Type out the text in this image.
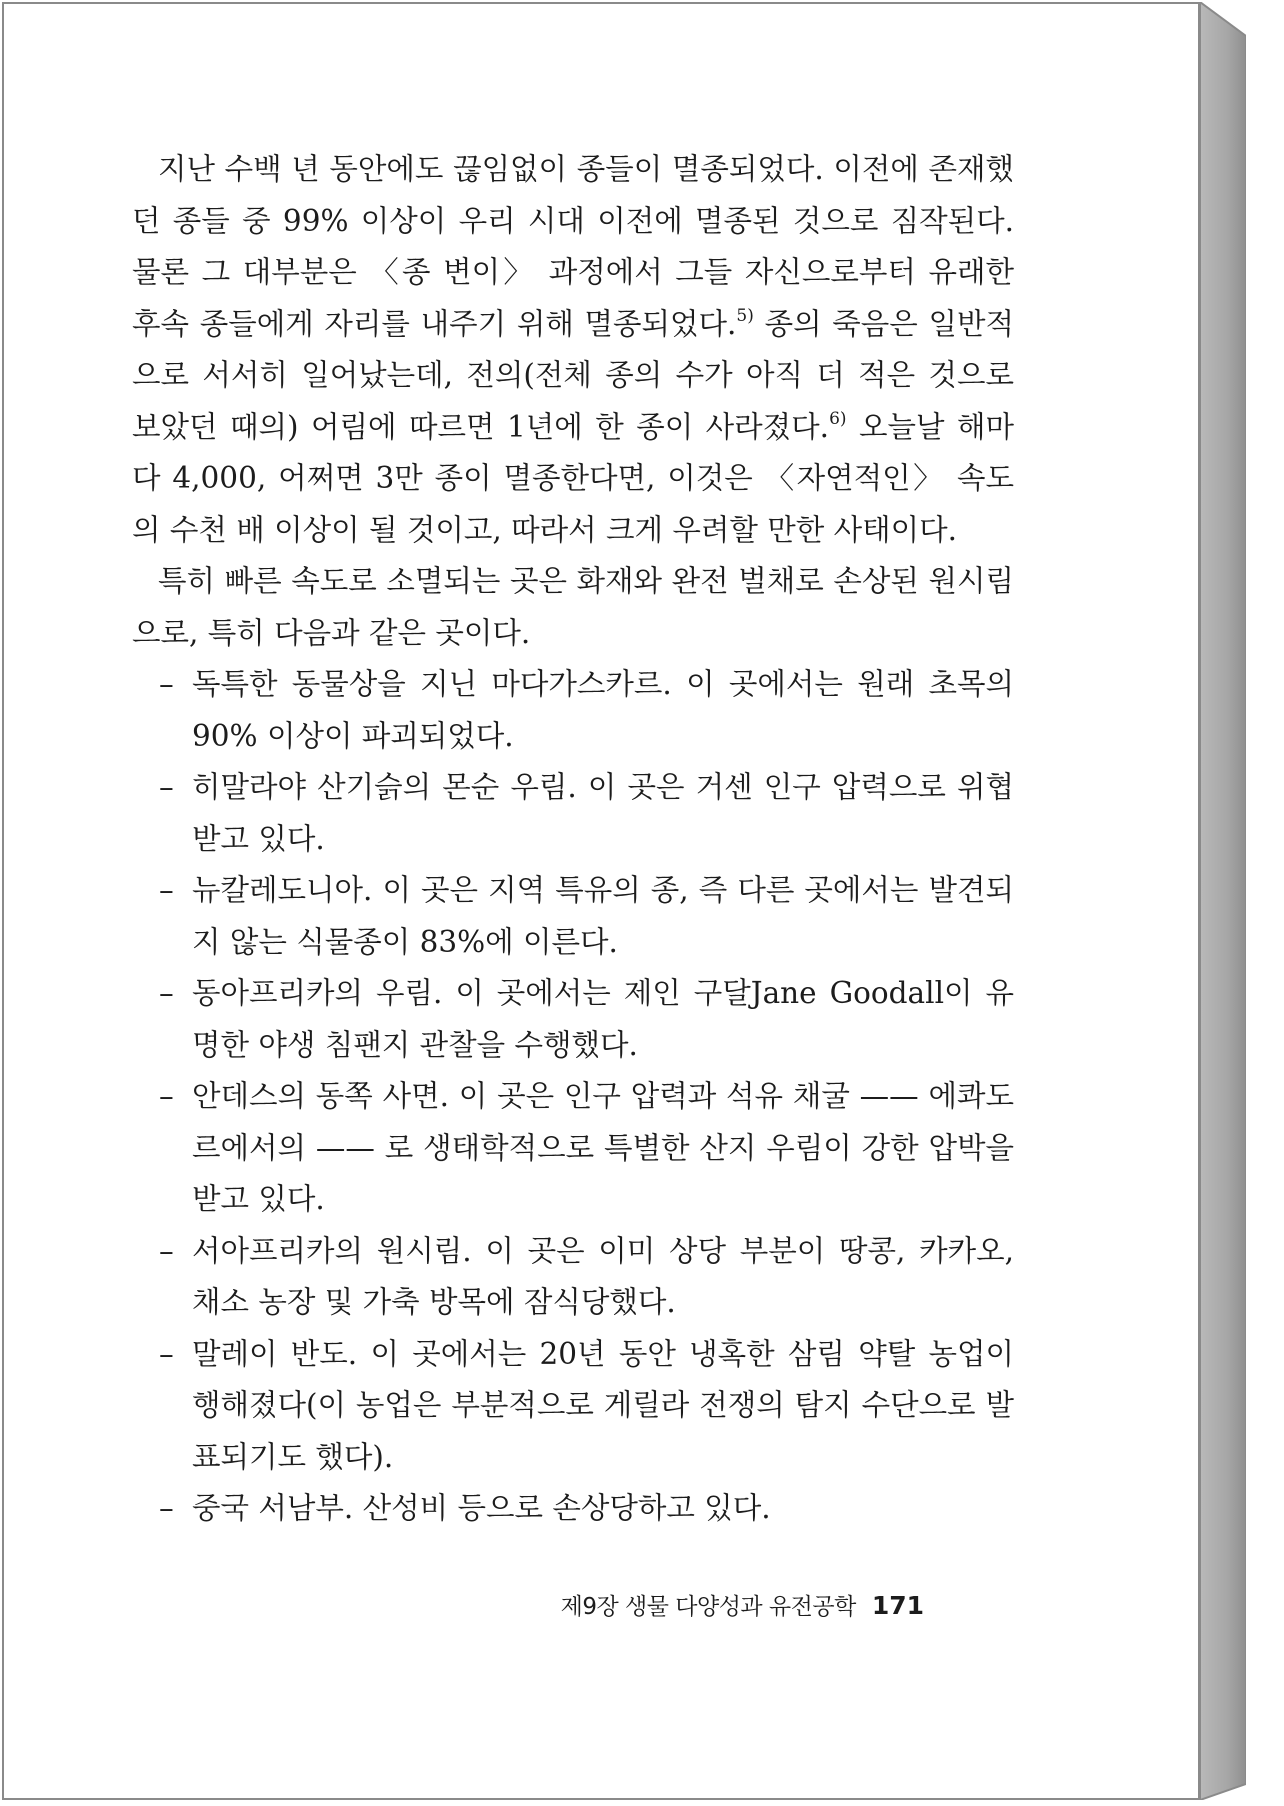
지난 수백 년 동안에도 끊임없이 종들이 멸종되었다. 이전에 존재했던 종들 중 99% 이상이 우리 시대 이전에 멸종된 것으로 짐작된다. 물론 그 대부분은 〈종 변이〉 과정에서 그들 자신으로부터 유래한 후속 종들에게 자리를 내주기 위해 멸종되었다.$^{5)}$ 종의 죽음은 일반적으로 서서히 일어났는데, 전의(전체 종의 수가 아직 더 적은 것으로 보았던 때의) 어림에 따르면 1년에 한 종이 사라졌다.$^{6)}$ 오늘날 해마다 4,000, 어쩌면 3만 종이 멸종한다면, 이것은 〈자연적인〉 속도의 수천 배 이상이 될 것이고, 따라서 크게 우려할 만한 사태이다.

특히 빠른 속도로 소멸되는 곳은 화재와 완전 벌채로 손상된 원시림으로, 특히 다음과 같은 곳이다.

– 독특한 동물상을 지닌 마다가스카르. 이 곳에서는 원래 초목의 90% 이상이 파괴되었다.
– 히말라야 산기슭의 몬순 우림. 이 곳은 거센 인구 압력으로 위협받고 있다.
– 뉴칼레도니아. 이 곳은 지역 특유의 종, 즉 다른 곳에서는 발견되지 않는 식물종이 83%에 이른다.
– 동아프리카의 우림. 이 곳에서는 제인 구달Jane Goodall이 유명한 야생 침팬지 관찰을 수행했다.
– 안데스의 동쪽 사면. 이 곳은 인구 압력과 석유 채굴 —— 에콰도르에서의 —— 로 생태학적으로 특별한 산지 우림이 강한 압박을 받고 있다.
– 서아프리카의 원시림. 이 곳은 이미 상당 부분이 땅콩, 카카오, 채소 농장 및 가축 방목에 잠식당했다.
– 말레이 반도. 이 곳에서는 20년 동안 냉혹한 삼림 약탈 농업이 행해졌다(이 농업은 부분적으로 게릴라 전쟁의 탐지 수단으로 발표되기도 했다).
– 중국 서남부. 산성비 등으로 손상당하고 있다.
제9장 생물 다양성과 유전공학 171
